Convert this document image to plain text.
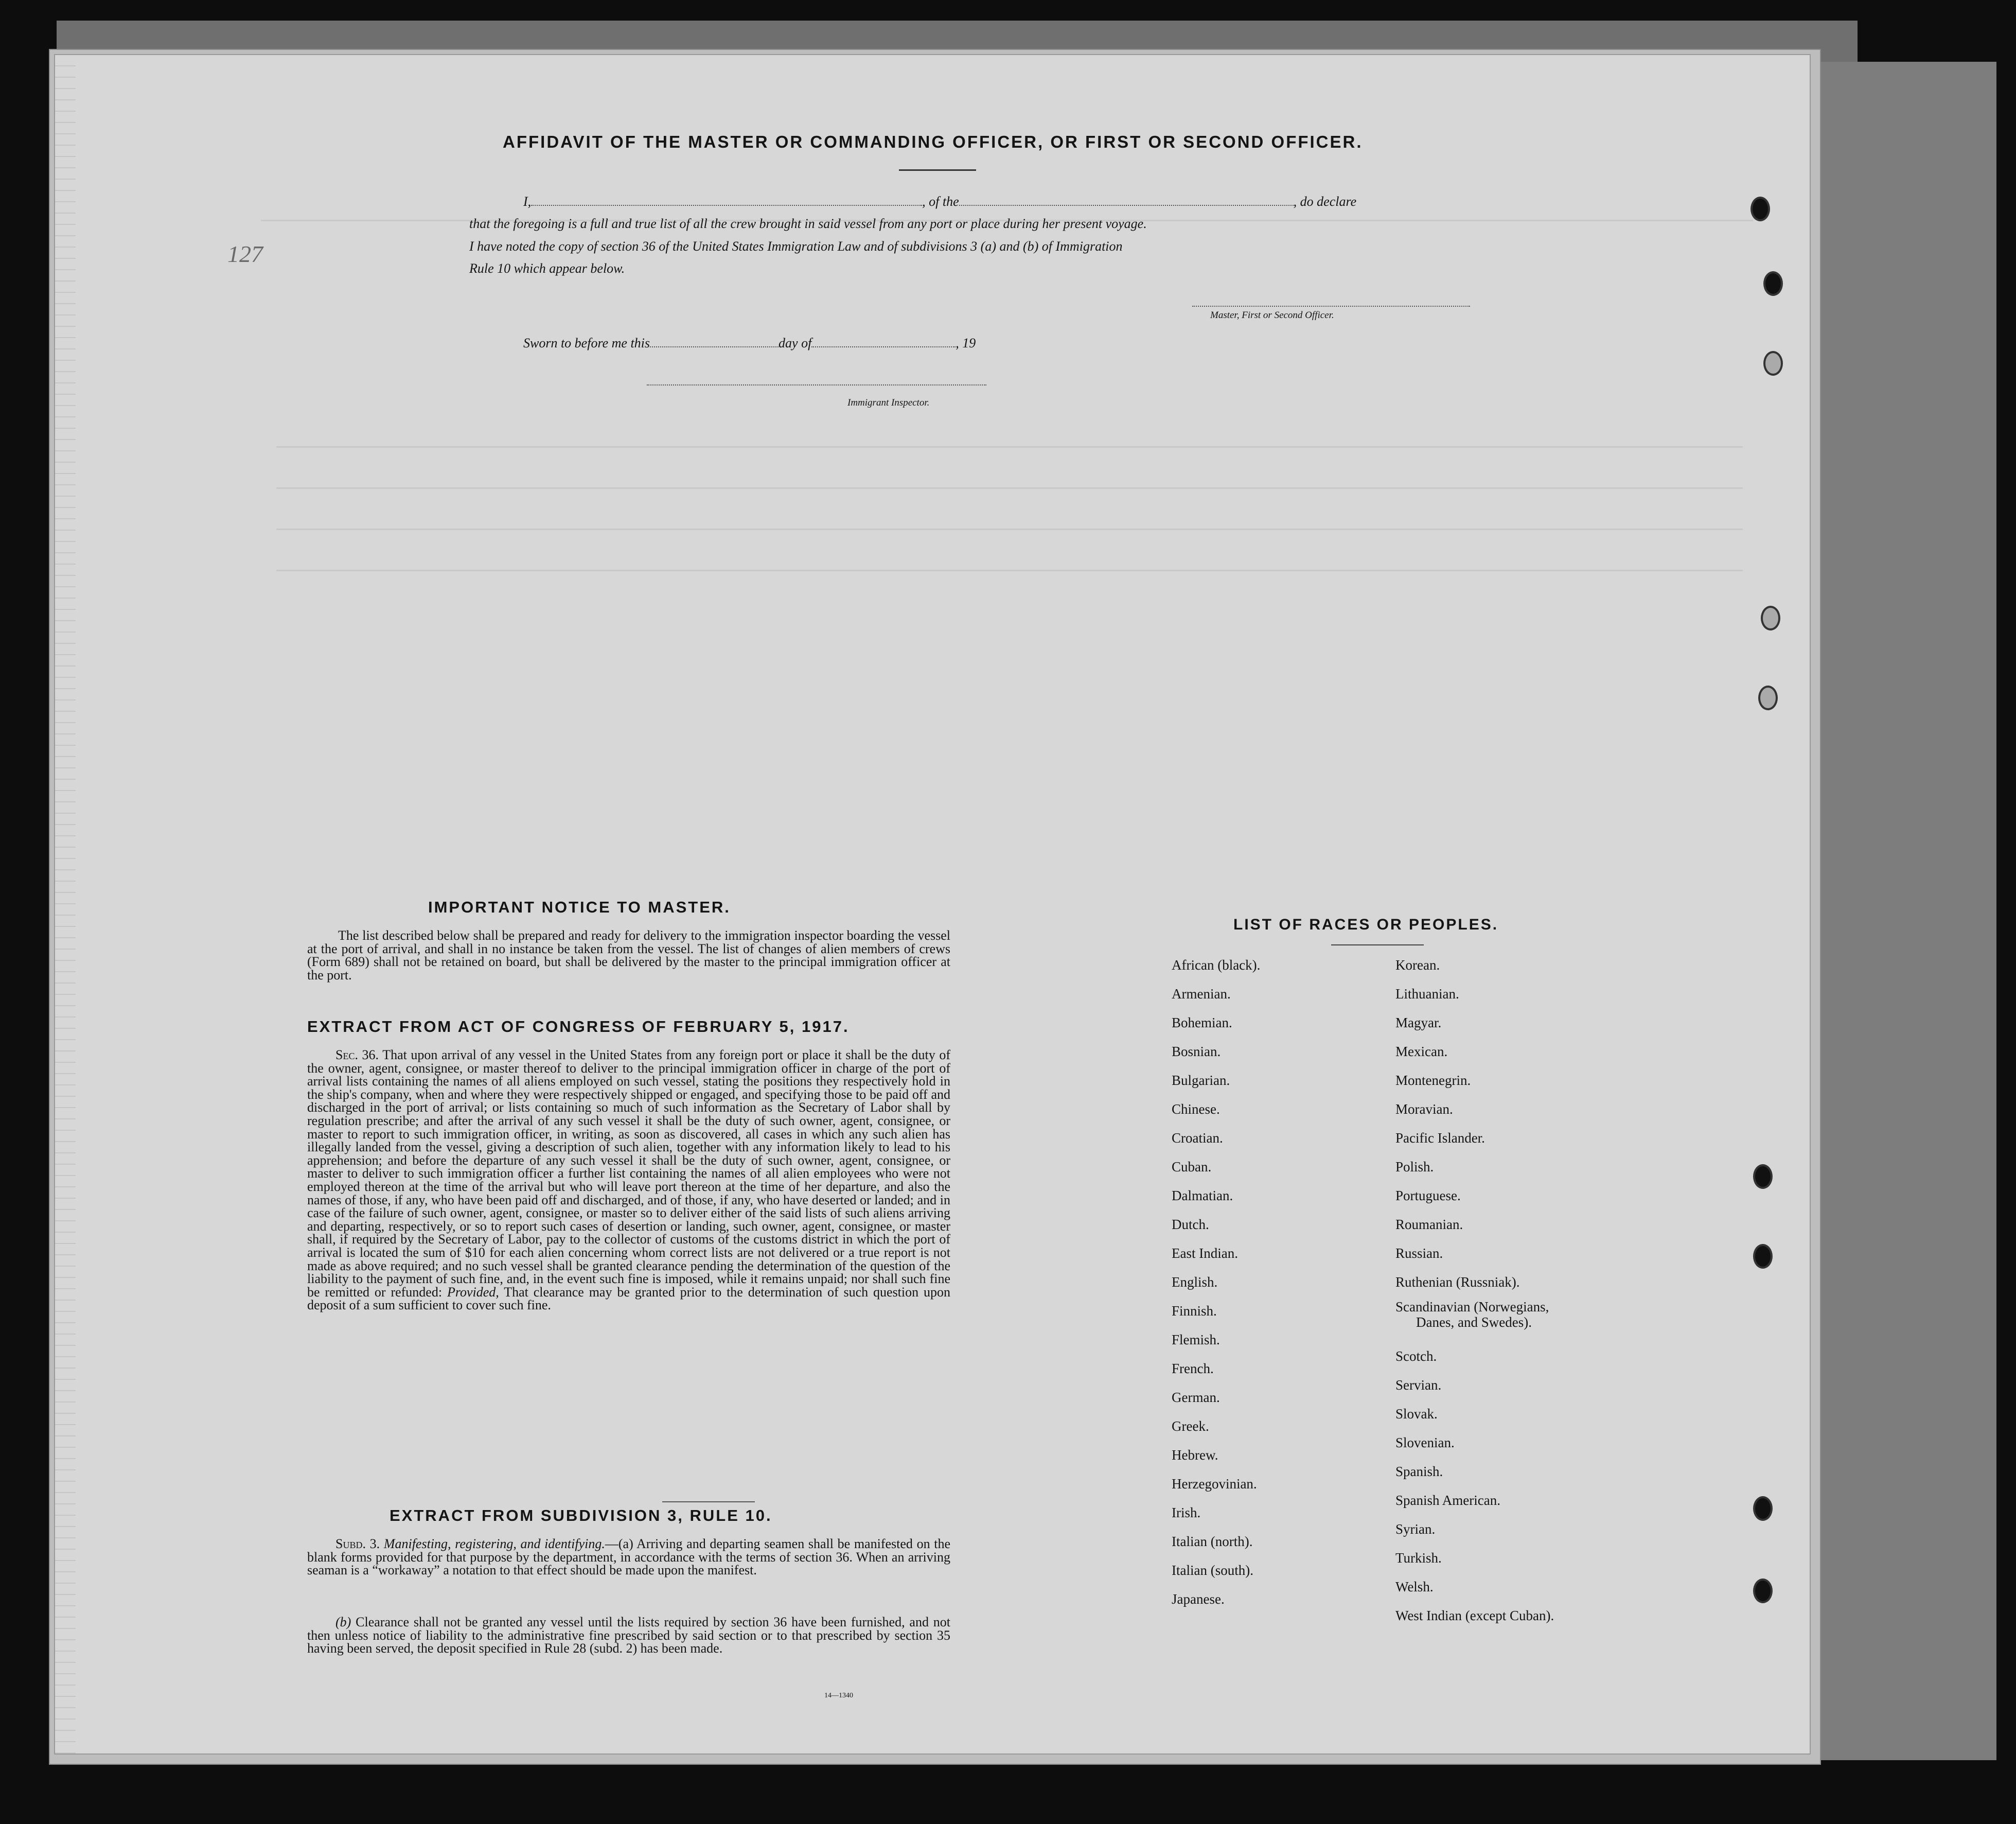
127
AFFIDAVIT OF THE MASTER OR COMMANDING OFFICER, OR FIRST OR SECOND OFFICER.
I,	, of the	, do declare
that the foregoing is a full and true list of all the crew brought in said vessel from any port or place during her present voyage.
I have noted the copy of section 36 of the United States Immigration Law and of subdivisions 3 (a) and (b) of Immigration
Rule 10 which appear below.
Master, First or Second Officer.
Sworn to before me this	day of	, 19
Immigrant Inspector.
IMPORTANT NOTICE TO MASTER.
The list described below shall be prepared and ready for delivery to the immigration inspector boarding the vessel at the port of arrival, and shall in no instance be taken from the vessel. The list of changes of alien members of crews (Form 689) shall not be retained on board, but shall be delivered by the master to the principal immigration officer at the port.
EXTRACT FROM ACT OF CONGRESS OF FEBRUARY 5, 1917.
Sec. 36. That upon arrival of any vessel in the United States from any foreign port or place it shall be the duty of the owner, agent, consignee, or master thereof to deliver to the principal immigration officer in charge of the port of arrival lists containing the names of all aliens employed on such vessel, stating the positions they respectively hold in the ship's company, when and where they were respectively shipped or engaged, and specifying those to be paid off and discharged in the port of arrival; or lists containing so much of such information as the Secretary of Labor shall by regulation prescribe; and after the arrival of any such vessel it shall be the duty of such owner, agent, consignee, or master to report to such immigration officer, in writing, as soon as discovered, all cases in which any such alien has illegally landed from the vessel, giving a description of such alien, together with any information likely to lead to his apprehension; and before the departure of any such vessel it shall be the duty of such owner, agent, consignee, or master to deliver to such immigration officer a further list containing the names of all alien employees who were not employed thereon at the time of the arrival but who will leave port thereon at the time of her departure, and also the names of those, if any, who have been paid off and discharged, and of those, if any, who have deserted or landed; and in case of the failure of such owner, agent, consignee, or master so to deliver either of the said lists of such aliens arriving and departing, respectively, or so to report such cases of desertion or landing, such owner, agent, consignee, or master shall, if required by the Secretary of Labor, pay to the collector of customs of the customs district in which the port of arrival is located the sum of $10 for each alien concerning whom correct lists are not delivered or a true report is not made as above required; and no such vessel shall be granted clearance pending the determination of the question of the liability to the payment of such fine, and, in the event such fine is imposed, while it remains unpaid; nor shall such fine be remitted or refunded: Provided, That clearance may be granted prior to the determination of such question upon deposit of a sum sufficient to cover such fine.
EXTRACT FROM SUBDIVISION 3, RULE 10.
Subd. 3. Manifesting, registering, and identifying.—(a) Arriving and departing seamen shall be manifested on the blank forms provided for that purpose by the department, in accordance with the terms of section 36. When an arriving seaman is a “workaway” a notation to that effect should be made upon the manifest.
(b) Clearance shall not be granted any vessel until the lists required by section 36 have been furnished, and not then unless notice of liability to the administrative fine prescribed by said section or to that prescribed by section 35 having been served, the deposit specified in Rule 28 (subd. 2) has been made.
14—1340
LIST OF RACES OR PEOPLES.
African (black).
Armenian.
Bohemian.
Bosnian.
Bulgarian.
Chinese.
Croatian.
Cuban.
Dalmatian.
Dutch.
East Indian.
English.
Finnish.
Flemish.
French.
German.
Greek.
Hebrew.
Herzegovinian.
Irish.
Italian (north).
Italian (south).
Japanese.
Korean.
Lithuanian.
Magyar.
Mexican.
Montenegrin.
Moravian.
Pacific Islander.
Polish.
Portuguese.
Roumanian.
Russian.
Ruthenian (Russniak).
Scandinavian (Norwegians,
Danes, and Swedes).
Scotch.
Servian.
Slovak.
Slovenian.
Spanish.
Spanish American.
Syrian.
Turkish.
Welsh.
West Indian (except Cuban).
